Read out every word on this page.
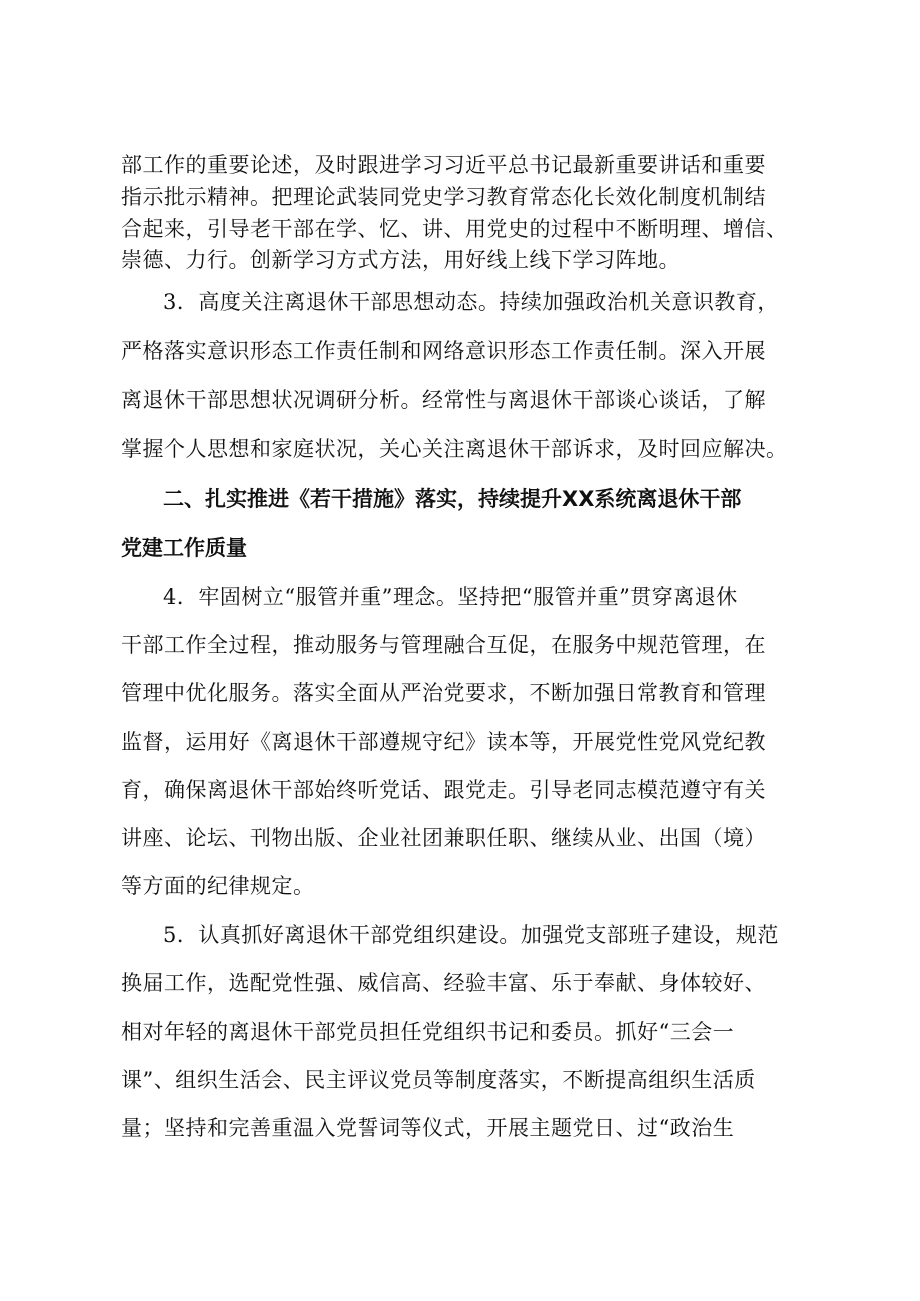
部工作的重要论述，及时跟进学习习近平总书记最新重要讲话和重要
指示批示精神。把理论武装同党史学习教育常态化长效化制度机制结
合起来，引导老干部在学、忆、讲、用党史的过程中不断明理、增信、
崇德、力行。创新学习方式方法，用好线上线下学习阵地。
3．高度关注离退休干部思想动态。持续加强政治机关意识教育，
严格落实意识形态工作责任制和网络意识形态工作责任制。深入开展
离退休干部思想状况调研分析。经常性与离退休干部谈心谈话，了解
掌握个人思想和家庭状况，关心关注离退休干部诉求，及时回应解决。
二、扎实推进《若干措施》落实，持续提升XX系统离退休干部
党建工作质量
4．牢固树立“服管并重”理念。坚持把“服管并重”贯穿离退休
干部工作全过程，推动服务与管理融合互促，在服务中规范管理，在
管理中优化服务。落实全面从严治党要求，不断加强日常教育和管理
监督，运用好《离退休干部遵规守纪》读本等，开展党性党风党纪教
育，确保离退休干部始终听党话、跟党走。引导老同志模范遵守有关
讲座、论坛、刊物出版、企业社团兼职任职、继续从业、出国（境）
等方面的纪律规定。
5．认真抓好离退休干部党组织建设。加强党支部班子建设，规范
换届工作，选配党性强、威信高、经验丰富、乐于奉献、身体较好、
相对年轻的离退休干部党员担任党组织书记和委员。抓好“三会一
课”、组织生活会、民主评议党员等制度落实，不断提高组织生活质
量；坚持和完善重温入党誓词等仪式，开展主题党日、过“政治生
